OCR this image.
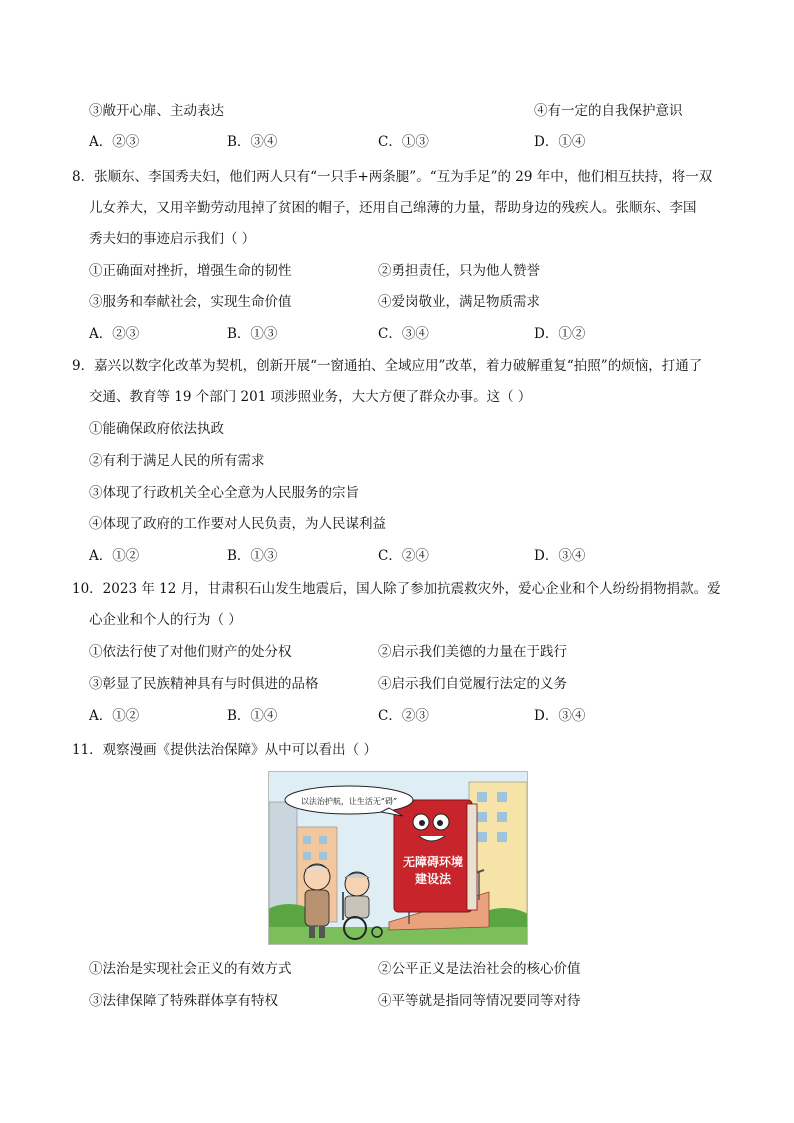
③敞开心扉、主动表达	④有一定的自我保护意识
A．②③	B．③④	C．①③	D．①④
8．张顺东、李国秀夫妇，他们两人只有“一只手+两条腿”。“互为手足”的 29 年中，他们相互扶持，将一双
儿女养大，又用辛勤劳动甩掉了贫困的帽子，还用自己绵薄的力量，帮助身边的残疾人。张顺东、李国
秀夫妇的事迹启示我们（ ）
①正确面对挫折，增强生命的韧性	②勇担责任，只为他人赞誉
③服务和奉献社会，实现生命价值	④爱岗敬业，满足物质需求
A．②③	B．①③	C．③④	D．①②
9．嘉兴以数字化改革为契机，创新开展“一窗通拍、全域应用”改革，着力破解重复“拍照”的烦恼，打通了
交通、教育等 19 个部门 201 项涉照业务，大大方便了群众办事。这（ ）
①能确保政府依法执政
②有利于满足人民的所有需求
③体现了行政机关全心全意为人民服务的宗旨
④体现了政府的工作要对人民负责，为人民谋利益
A．①②	B．①③	C．②④	D．③④
10．2023 年 12 月，甘肃积石山发生地震后，国人除了参加抗震救灾外，爱心企业和个人纷纷捐物捐款。爱
心企业和个人的行为（ ）
①依法行使了对他们财产的处分权	②启示我们美德的力量在于践行
③彰显了民族精神具有与时俱进的品格	④启示我们自觉履行法定的义务
A．①②	B．①④	C．②③	D．③④
11．观察漫画《提供法治保障》从中可以看出（ ）
无障碍环境
建设法
以法治护航，让生活无“碍”
①法治是实现社会正义的有效方式	②公平正义是法治社会的核心价值
③法律保障了特殊群体享有特权	④平等就是指同等情况要同等对待
